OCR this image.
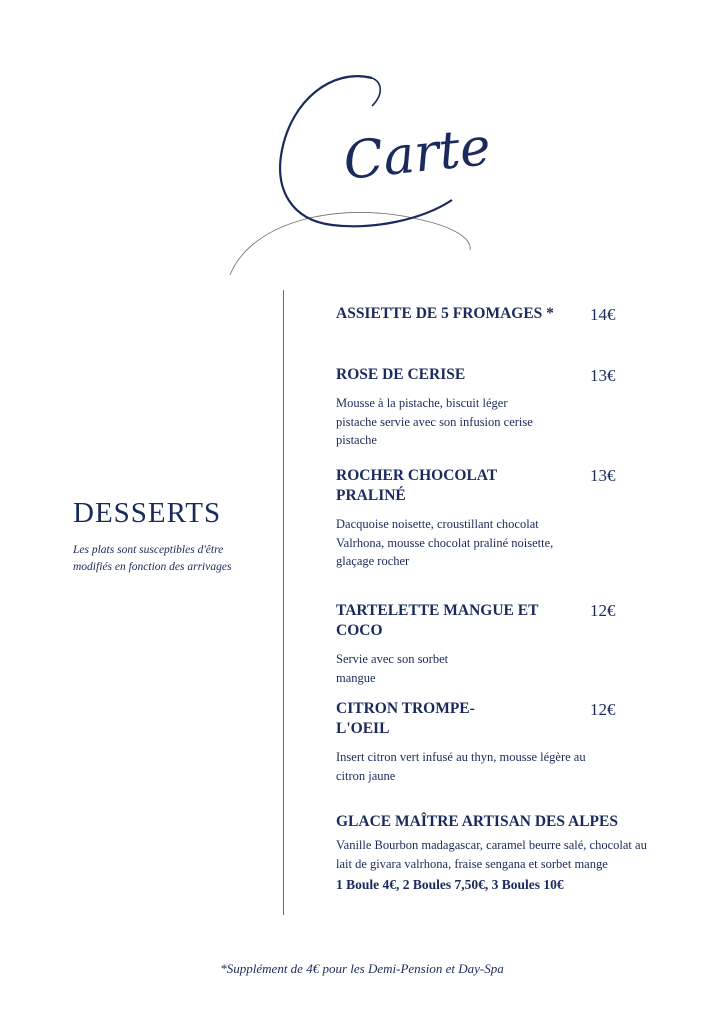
Carte
DESSERTS
Les plats sont susceptibles d'être modifiés en fonction des arrivages

ASSIETTE DE 5 FROMAGES * 14€

ROSE DE CERISE

Mousse à la pistache, biscuit léger pistache servie avec son infusion cerise pistache
13€

ROCHER CHOCOLAT PRALINÉ

Dacquoise noisette, croustillant chocolat Valrhona, mousse chocolat praliné noisette, glaçage rocher
13€

TARTELETTE MANGUE ET COCO

Servie avec son sorbet mangue
12€

CITRON TROMPE-L'OEIL

Insert citron vert infusé au thyn, mousse légère au citron jaune
12€

GLACE MAÎTRE ARTISAN DES ALPES

Vanille Bourbon madagascar, caramel beurre salé, chocolat au lait de givara valrhona, fraise sengana et sorbet mange
1 Boule 4€, 2 Boules 7,50€, 3 Boules 10€
*Supplément de 4€ pour les Demi-Pension et Day-Spa
